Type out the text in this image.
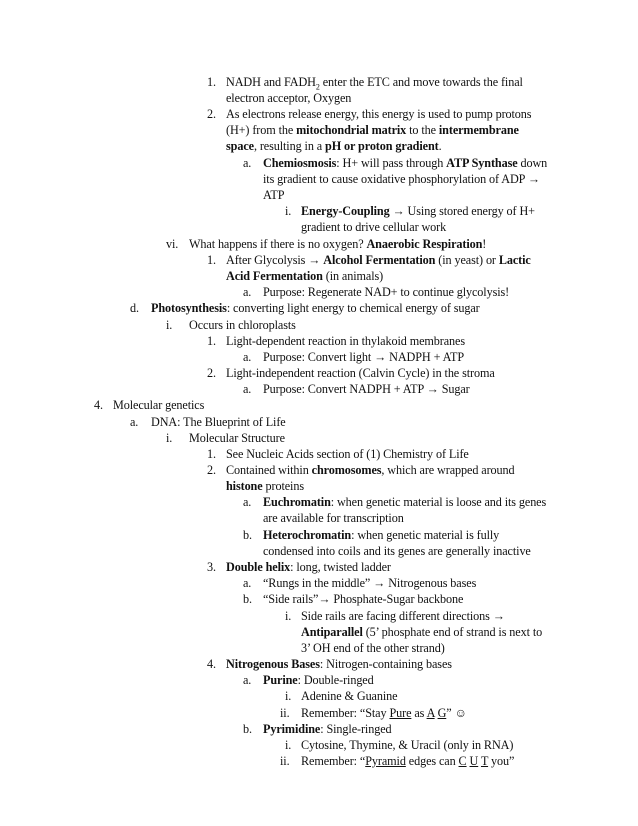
1. NADH and $FADH_2$ enter the ETC and move towards the final
electron acceptor, Oxygen
2. As electrons release energy, this energy is used to pump protons
(H+) from the mitochondrial matrix to the intermembrane
space, resulting in a pH or proton gradient.
a. Chemiosmosis: H+ will pass through ATP Synthase down
its gradient to cause oxidative phosphorylation of ADP →
ATP
i. Energy-Coupling → Using stored energy of H+
gradient to drive cellular work
vi. What happens if there is no oxygen? Anaerobic Respiration!
1. After Glycolysis → Alcohol Fermentation (in yeast) or Lactic
Acid Fermentation (in animals)
a. Purpose: Regenerate NAD+ to continue glycolysis!
d. Photosynthesis: converting light energy to chemical energy of sugar
i. Occurs in chloroplasts
1. Light-dependent reaction in thylakoid membranes
a. Purpose: Convert light → NADPH + ATP
2. Light-independent reaction (Calvin Cycle) in the stroma
a. Purpose: Convert NADPH + ATP → Sugar
4. Molecular genetics
a. DNA: The Blueprint of Life
i. Molecular Structure
1. See Nucleic Acids section of (1) Chemistry of Life
2. Contained within chromosomes, which are wrapped around
histone proteins
a. Euchromatin: when genetic material is loose and its genes
are available for transcription
b. Heterochromatin: when genetic material is fully
condensed into coils and its genes are generally inactive
3. Double helix: long, twisted ladder
a. “Rungs in the middle” → Nitrogenous bases
b. “Side rails”→ Phosphate-Sugar backbone
i. Side rails are facing different directions →
Antiparallel (5’ phosphate end of strand is next to
3’ OH end of the other strand)
4. Nitrogenous Bases: Nitrogen-containing bases
a. Purine: Double-ringed
i. Adenine & Guanine
ii. Remember: “Stay Pure as A G” ☺
b. Pyrimidine: Single-ringed
i. Cytosine, Thymine, & Uracil (only in RNA)
ii. Remember: “Pyramid edges can C U T you”
